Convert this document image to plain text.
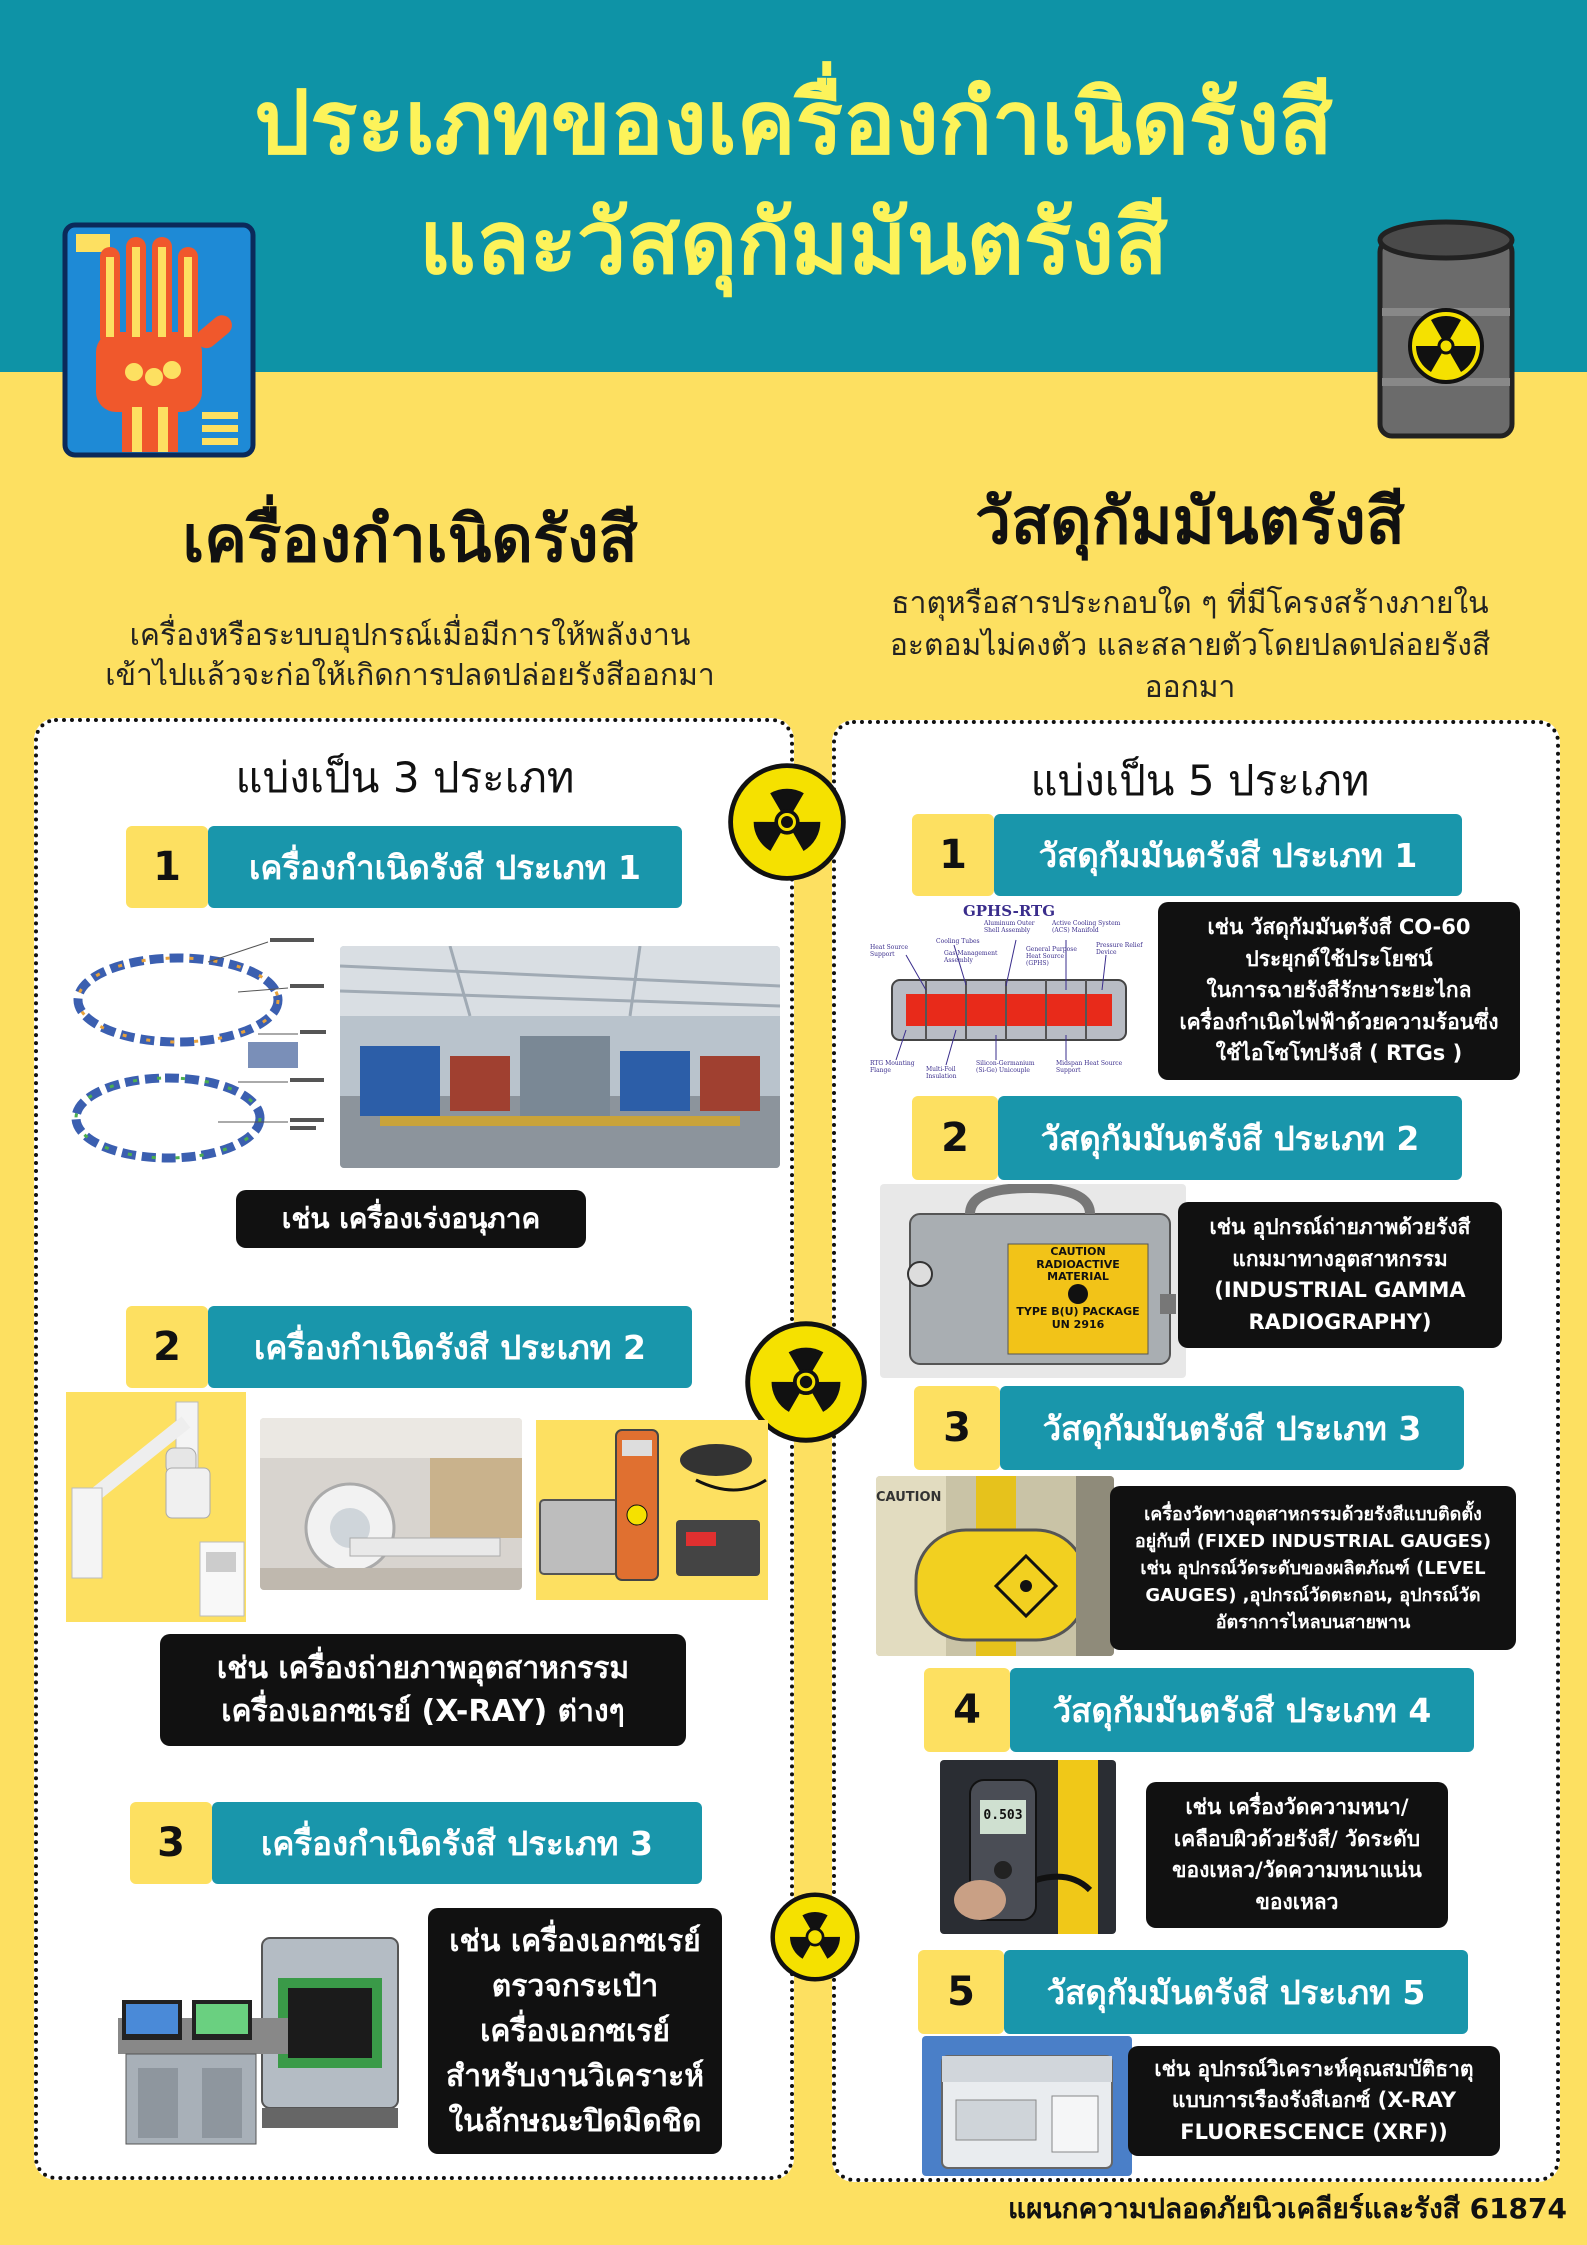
ประเภทของเครื่องกำเนิดรังสี
และวัสดุกัมมันตรังสี
เครื่องกำเนิดรังสี
เครื่องหรือระบบอุปกรณ์เมื่อมีการให้พลังงาน
เข้าไปแล้วจะก่อให้เกิดการปลดปล่อยรังสีออกมา
วัสดุกัมมันตรังสี
ธาตุหรือสารประกอบใด ๆ ที่มีโครงสร้างภายใน
อะตอมไม่คงตัว และสลายตัวโดยปลดปล่อยรังสี
ออกมา
แบ่งเป็น 3 ประเภท	แบ่งเป็น 5 ประเภท
1	เครื่องกำเนิดรังสี ประเภท 1
เช่น เครื่องเร่งอนุภาค
2	เครื่องกำเนิดรังสี ประเภท 2
เช่น เครื่องถ่ายภาพอุตสาหกรรม
เครื่องเอกซเรย์ (X-RAY) ต่างๆ
3	เครื่องกำเนิดรังสี ประเภท 3
เช่น เครื่องเอกซเรย์
ตรวจกระเป๋า
เครื่องเอกซเรย์
สำหรับงานวิเคราะห์
ในลักษณะปิดมิดชิด
1	วัสดุกัมมันตรังสี ประเภท 1
GPHS-RTG
Cooling Tubes
Aluminum Outer Shell Assembly
Active Cooling System (ACS) Manifold
Heat Source Support	Gas Management Assembly
General Purpose Heat Source (GPHS)
Pressure Relief Device
RTG Mounting Flange	Multi-Foil Insulation
Silicon-Germanium (Si-Ge) Unicouple
Midspan Heat Source Support
เช่น วัสดุกัมมันตรังสี CO-60
ประยุกต์ใช้ประโยชน์
ในการฉายรังสีรักษาระยะไกล
เครื่องกำเนิดไฟฟ้าด้วยความร้อนซึ่ง
ใช้ไอโซโทปรังสี ( RTGs )
2	วัสดุกัมมันตรังสี ประเภท 2
CAUTION
RADIOACTIVE
MATERIAL
TYPE B(U) PACKAGE
UN 2916
เช่น อุปกรณ์ถ่ายภาพด้วยรังสี
แกมมาทางอุตสาหกรรม
(INDUSTRIAL GAMMA
RADIOGRAPHY)
3	วัสดุกัมมันตรังสี ประเภท 3
CAUTION
เครื่องวัดทางอุตสาหกรรมด้วยรังสีแบบติดตั้ง
อยู่กับที่ (FIXED INDUSTRIAL GAUGES)
เช่น อุปกรณ์วัดระดับของผลิตภัณฑ์ (LEVEL
GAUGES) ,อุปกรณ์วัดตะกอน, อุปกรณ์วัด
อัตราการไหลบนสายพาน
4	วัสดุกัมมันตรังสี ประเภท 4
0.503	เช่น เครื่องวัดความหนา/
เคลือบผิวด้วยรังสี/ วัดระดับ
ของเหลว/วัดความหนาแน่น
ของเหลว
5	วัสดุกัมมันตรังสี ประเภท 5
เช่น อุปกรณ์วิเคราะห์คุณสมบัติธาตุ
แบบการเรืองรังสีเอกซ์ (X-RAY
FLUORESCENCE (XRF))
แผนกความปลอดภัยนิวเคลียร์และรังสี 61874
